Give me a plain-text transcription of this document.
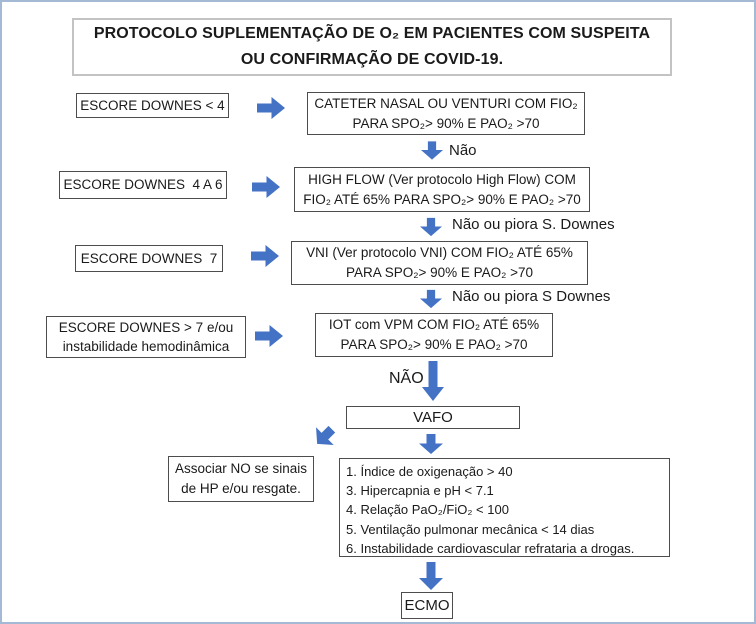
PROTOCOLO SUPLEMENTAÇÃO DE O₂ EM PACIENTES COM SUSPEITA
OU CONFIRMAÇÃO DE COVID-19.
ESCORE DOWNES < 4	CATETER NASAL OU VENTURI COM FIO₂
PARA SPO₂> 90% E PAO₂ >70
Não
ESCORE DOWNES  4 A 6	HIGH FLOW (Ver protocolo High Flow) COM
FIO₂ ATÉ 65% PARA SPO₂> 90% E PAO₂ >70
Não ou piora S. Downes
ESCORE DOWNES  7	VNI (Ver protocolo VNI) COM FIO₂ ATÉ 65%
PARA SPO₂> 90% E PAO₂ >70
Não ou piora S Downes
ESCORE DOWNES > 7 e/ou
instabilidade hemodinâmica
IOT com VPM COM FIO₂ ATÉ 65%
PARA SPO₂> 90% E PAO₂ >70
NÃO
VAFO
Associar NO se sinais
de HP e/ou resgate.
1. Índice de oxigenação > 40
3. Hipercapnia e pH < 7.1
4. Relação PaO₂/FiO₂ < 100
5. Ventilação pulmonar mecânica < 14 dias
6. Instabilidade cardiovascular refrataria a drogas.
ECMO
